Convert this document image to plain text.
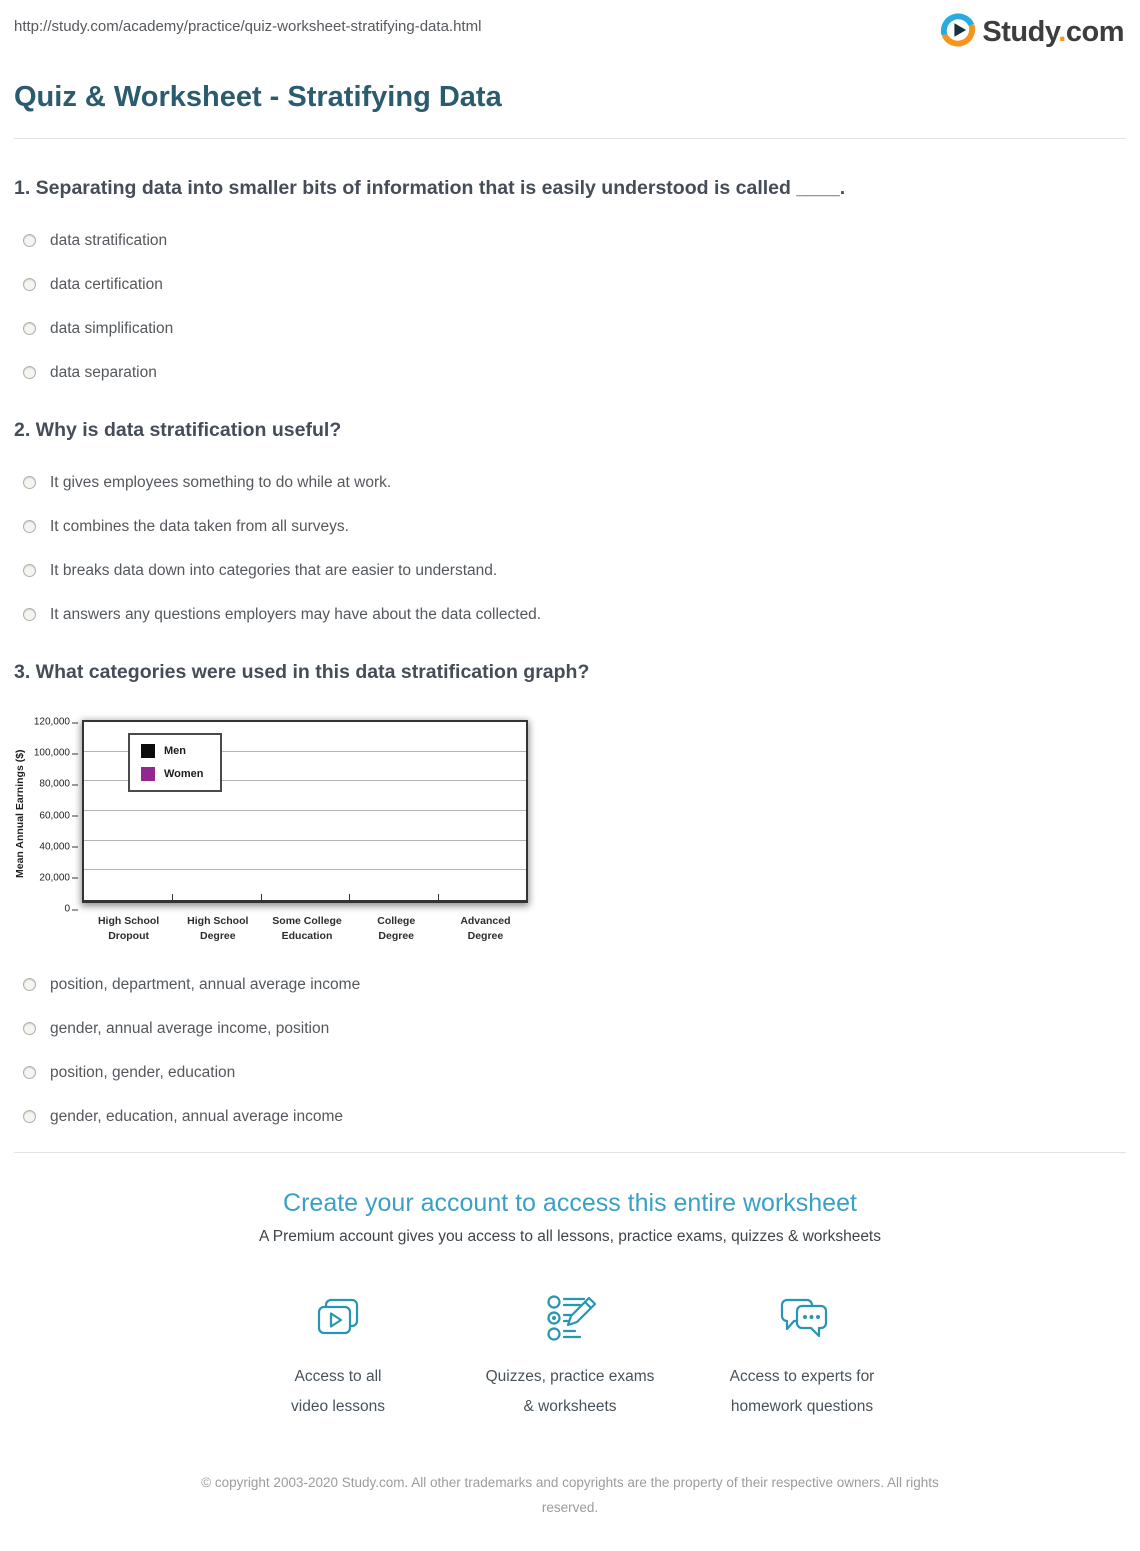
http://study.com/academy/practice/quiz-worksheet-stratifying-data.html	Study.com
Quiz & Worksheet - Stratifying Data
1. Separating data into smaller bits of information that is easily understood is called ____.
data stratification
data certification
data simplification
data separation
2. Why is data stratification useful?
It gives employees something to do while at work.
It combines the data taken from all surveys.
It breaks data down into categories that are easier to understand.
It answers any questions employers may have about the data collected.
3. What categories were used in this data stratification graph?
Mean Annual Earnings ($)
0
20,000
40,000
60,000
80,000
100,000
120,000
Men
Women
High School
Dropout
High School
Degree
Some College
Education
College
Degree
Advanced
Degree
position, department, annual average income
gender, annual average income, position
position, gender, education
gender, education, annual average income
Create your account to access this entire worksheet
A Premium account gives you access to all lessons, practice exams, quizzes & worksheets
Access to all
video lessons
Quizzes, practice exams
& worksheets
Access to experts for
homework questions
© copyright 2003-2020 Study.com. All other trademarks and copyrights are the property of their respective owners. All rights reserved.
